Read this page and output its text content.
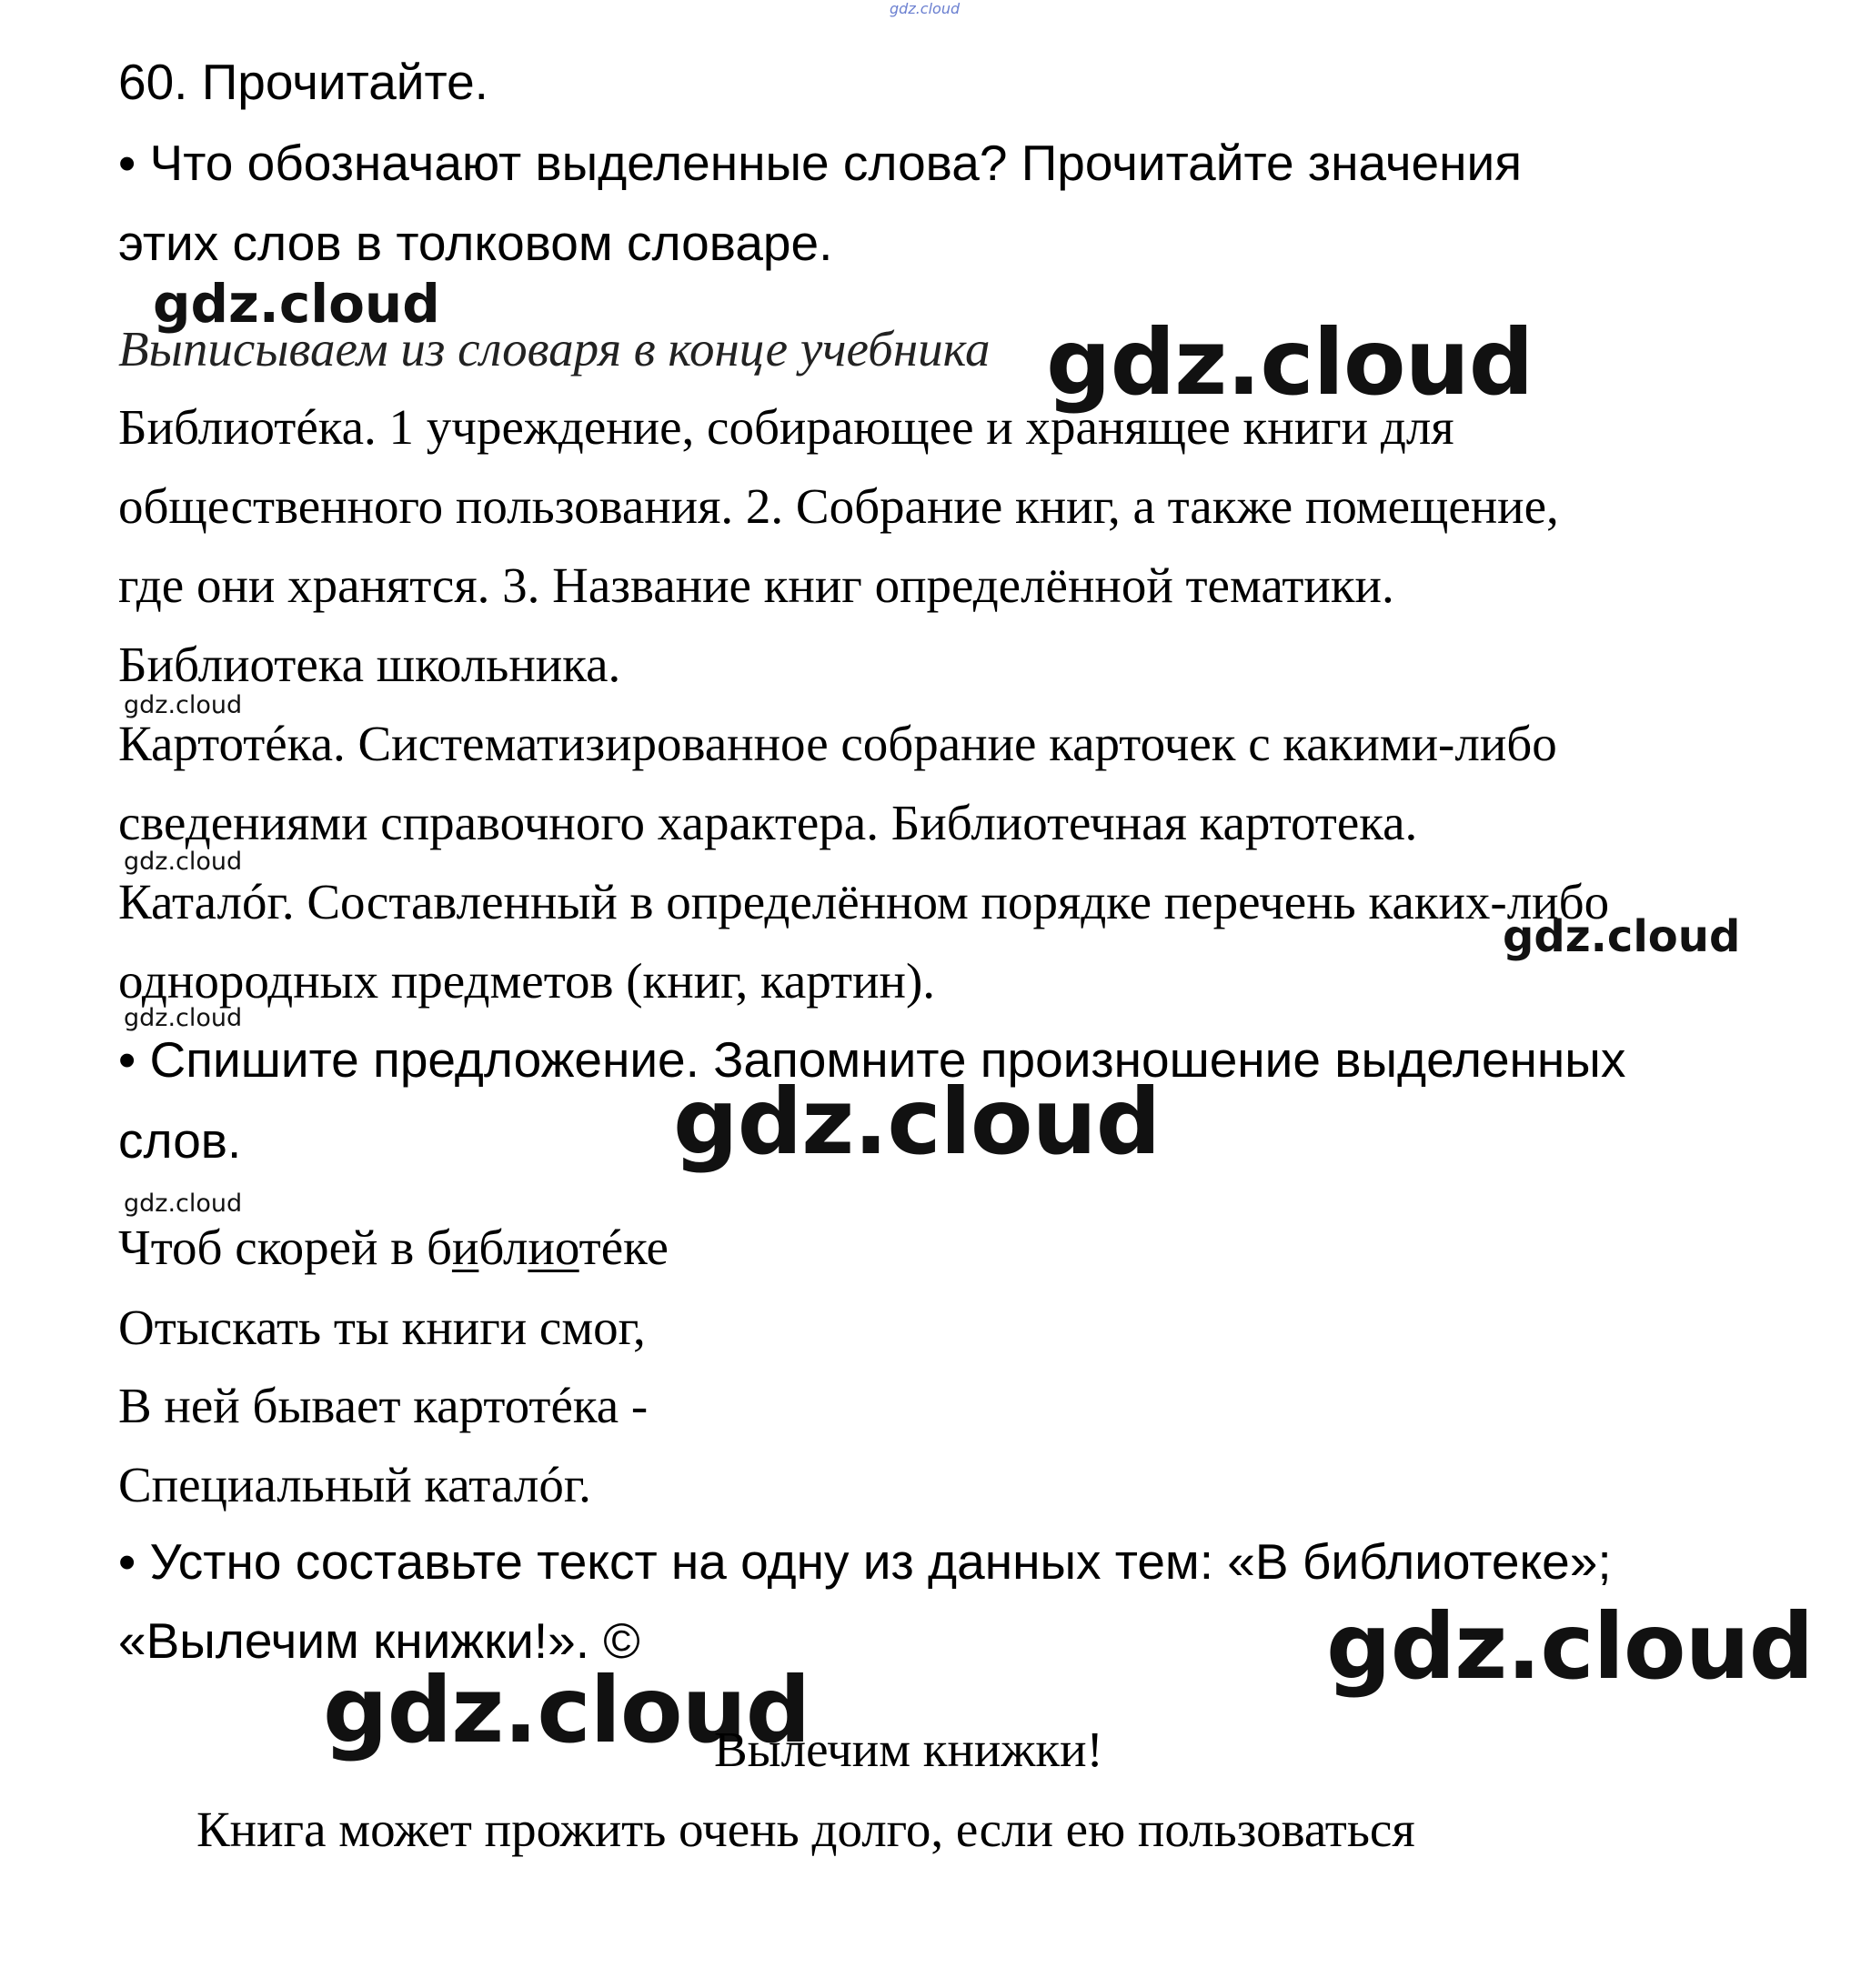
gdz.cloud
60. Прочитайте.
• Что обозначают выделенные слова? Прочитайте значения
этих слов в толковом словаре.
gdz.cloud
Выписываем из словаря в конце учебника gdz.cloud
Библиотéка. 1 учреждение, собирающее и хранящее книги для
общественного пользования. 2. Собрание книг, а также помещение,
где они хранятся. 3. Название книг определённой тематики.
Библиотека школьника.
gdz.cloud
Картотéка. Систематизированное собрание карточек с какими-либо
сведениями справочного характера. Библиотечная картотека.
gdz.cloud
Каталóг. Составленный в определённом порядке перечень каких-либо
gdz.cloud
однородных предметов (книг, картин).
gdz.cloud
• Спишите предложение. Запомните произношение выделенных
слов.	gdz.cloud
gdz.cloud
Чтоб скорей в библиотéке
Отыскать ты книги смог,
В ней бывает картотéка -
Специальный каталóг.
• Устно составьте текст на одну из данных тем: «В библиотеке»;
«Вылечим книжки!». ©	gdz.cloud
gdz.cloud
Вылечим книжки!
Книга может прожить очень долго, если ею пользоваться
